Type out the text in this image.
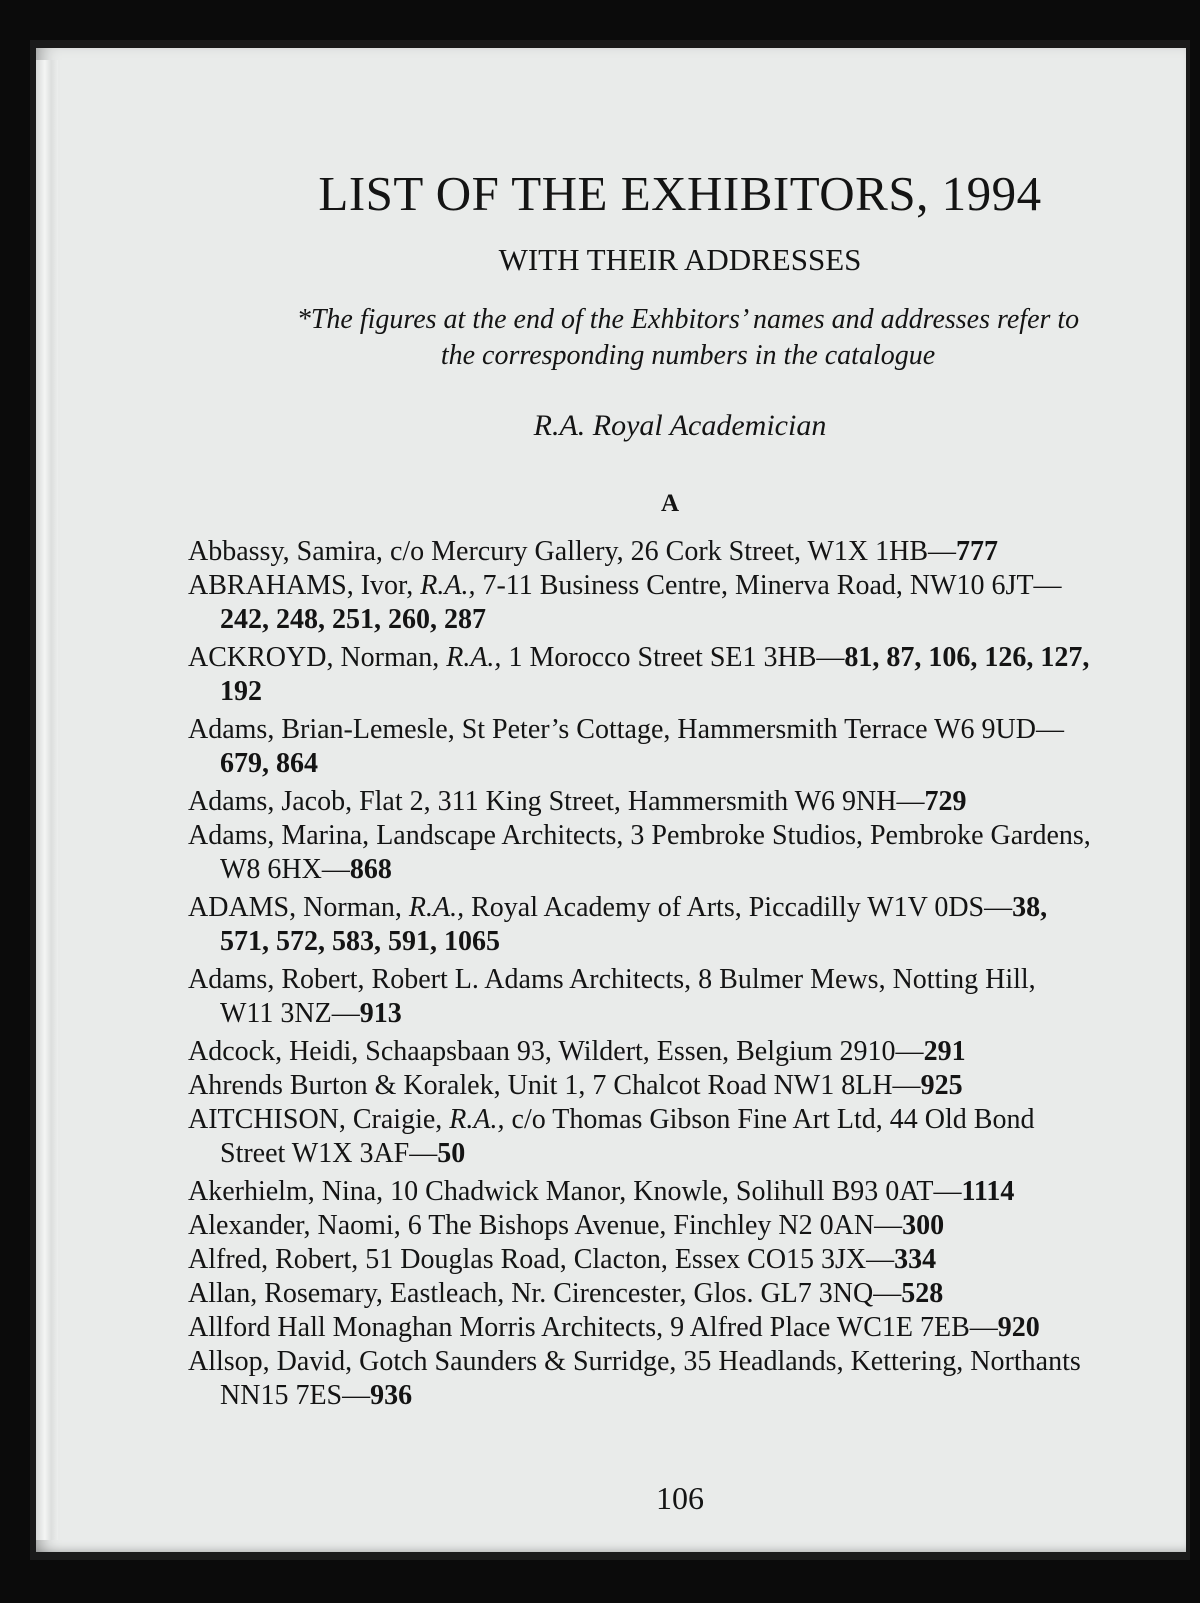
LIST OF THE EXHIBITORS, 1994
WITH THEIR ADDRESSES
*The figures at the end of the Exhbitors’ names and addresses refer to
the corresponding numbers in the catalogue
R.A. Royal Academician
A
Abbassy, Samira, c/o Mercury Gallery, 26 Cork Street, W1X 1HB—777
ABRAHAMS, Ivor, R.A., 7-11 Business Centre, Minerva Road, NW10 6JT—
242, 248, 251, 260, 287
ACKROYD, Norman, R.A., 1 Morocco Street SE1 3HB—81, 87, 106, 126, 127,
192
Adams, Brian-Lemesle, St Peter’s Cottage, Hammersmith Terrace W6 9UD—
679, 864
Adams, Jacob, Flat 2, 311 King Street, Hammersmith W6 9NH—729
Adams, Marina, Landscape Architects, 3 Pembroke Studios, Pembroke Gardens,
W8 6HX—868
ADAMS, Norman, R.A., Royal Academy of Arts, Piccadilly W1V 0DS—38,
571, 572, 583, 591, 1065
Adams, Robert, Robert L. Adams Architects, 8 Bulmer Mews, Notting Hill,
W11 3NZ—913
Adcock, Heidi, Schaapsbaan 93, Wildert, Essen, Belgium 2910—291
Ahrends Burton & Koralek, Unit 1, 7 Chalcot Road NW1 8LH—925
AITCHISON, Craigie, R.A., c/o Thomas Gibson Fine Art Ltd, 44 Old Bond
Street W1X 3AF—50
Akerhielm, Nina, 10 Chadwick Manor, Knowle, Solihull B93 0AT—1114
Alexander, Naomi, 6 The Bishops Avenue, Finchley N2 0AN—300
Alfred, Robert, 51 Douglas Road, Clacton, Essex CO15 3JX—334
Allan, Rosemary, Eastleach, Nr. Cirencester, Glos. GL7 3NQ—528
Allford Hall Monaghan Morris Architects, 9 Alfred Place WC1E 7EB—920
Allsop, David, Gotch Saunders & Surridge, 35 Headlands, Kettering, Northants
NN15 7ES—936
106
